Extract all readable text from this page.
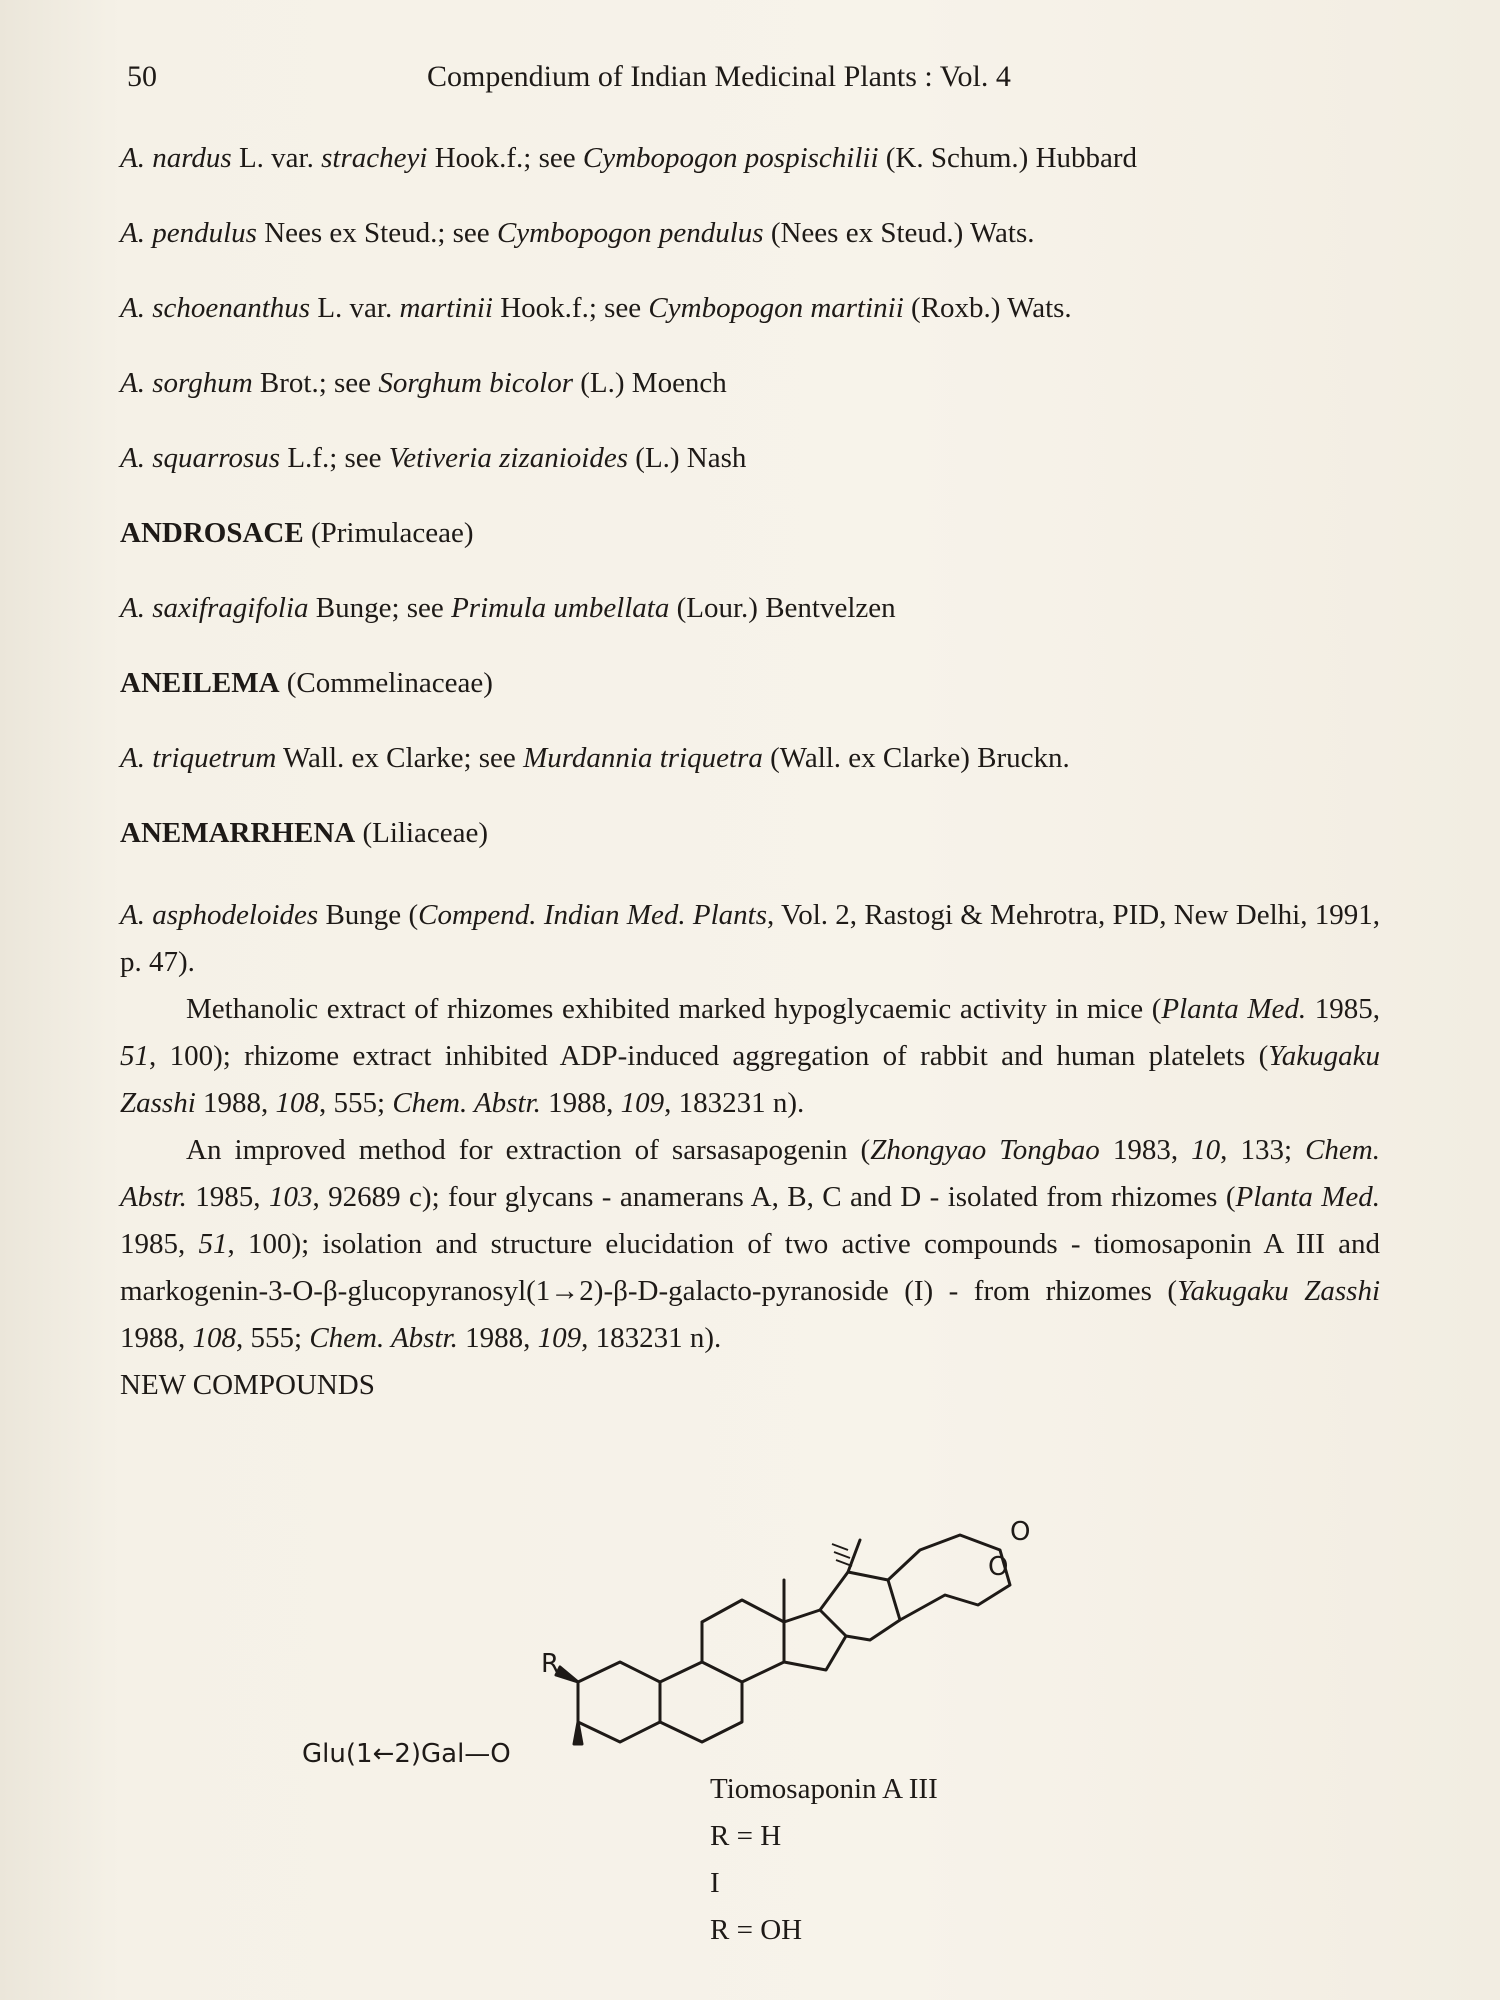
50	Compendium of Indian Medicinal Plants : Vol. 4
A. nardus L. var. stracheyi Hook.f.; see Cymbopogon pospischilii (K. Schum.) Hubbard
A. pendulus Nees ex Steud.; see Cymbopogon pendulus (Nees ex Steud.) Wats.
A. schoenanthus L. var. martinii Hook.f.; see Cymbopogon martinii (Roxb.) Wats.
A. sorghum Brot.; see Sorghum bicolor (L.) Moench
A. squarrosus L.f.; see Vetiveria zizanioides (L.) Nash
ANDROSACE (Primulaceae)
A. saxifragifolia Bunge; see Primula umbellata (Lour.) Bentvelzen
ANEILEMA (Commelinaceae)
A. triquetrum Wall. ex Clarke; see Murdannia triquetra (Wall. ex Clarke) Bruckn.
ANEMARRHENA (Liliaceae)

A. asphodeloides Bunge (Compend. Indian Med. Plants, Vol. 2, Rastogi & Mehrotra, PID, New Delhi, 1991, p. 47).

Methanolic extract of rhizomes exhibited marked hypoglycaemic activity in mice (Planta Med. 1985, 51, 100); rhizome extract inhibited ADP-induced aggregation of rabbit and human platelets (Yakugaku Zasshi 1988, 108, 555; Chem. Abstr. 1988, 109, 183231 n).

An improved method for extraction of sarsasapogenin (Zhongyao Tongbao 1983, 10, 133; Chem. Abstr. 1985, 103, 92689 c); four glycans - anamerans A, B, C and D - isolated from rhizomes (Planta Med. 1985, 51, 100); isolation and structure elucidation of two active compounds - tiomosaponin A III and markogenin-3-O-β-glucopyranosyl(1→2)-β-D-galacto-pyranoside (I) - from rhizomes (Yakugaku Zasshi 1988, 108, 555; Chem. Abstr. 1988, 109, 183231 n).

NEW COMPOUNDS

O
O
R
Glu(1←2)Gal—O
Tiomosaponin A III
R = H
I
R = OH
